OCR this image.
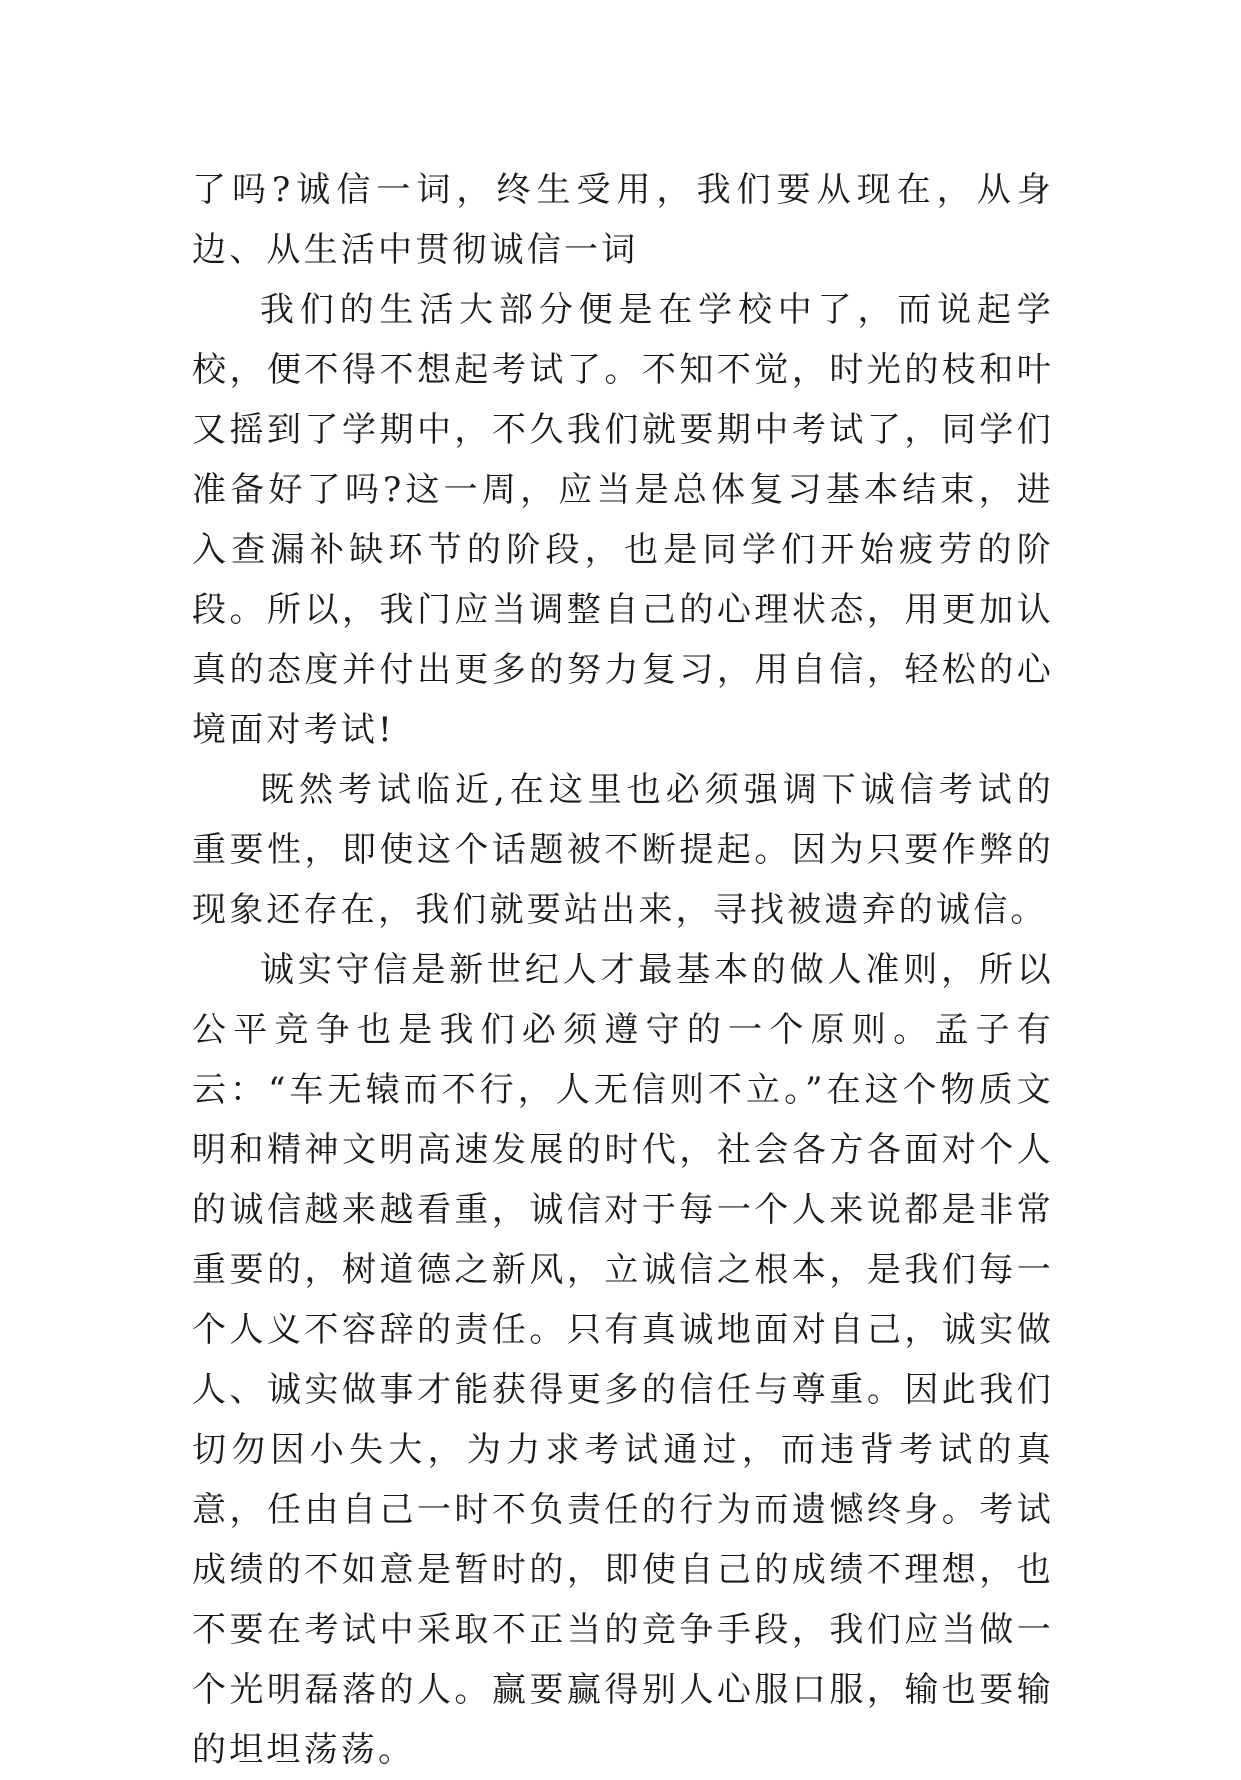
了吗?诚信一词，终生受用，我们要从现在，从身边、从生活中贯彻诚信一词

我们的生活大部分便是在学校中了，而说起学校，便不得不想起考试了。不知不觉，时光的枝和叶又摇到了学期中，不久我们就要期中考试了，同学们准备好了吗?这一周，应当是总体复习基本结束，进入查漏补缺环节的阶段，也是同学们开始疲劳的阶段。所以，我门应当调整自己的心理状态，用更加认真的态度并付出更多的努力复习，用自信，轻松的心境面对考试!

既然考试临近,在这里也必须强调下诚信考试的重要性，即使这个话题被不断提起。因为只要作弊的现象还存在，我们就要站出来，寻找被遗弃的诚信。

诚实守信是新世纪人才最基本的做人准则，所以公平竞争也是我们必须遵守的一个原则。孟子有云：“车无辕而不行，人无信则不立。”在这个物质文明和精神文明高速发展的时代，社会各方各面对个人的诚信越来越看重，诚信对于每一个人来说都是非常重要的，树道德之新风，立诚信之根本，是我们每一个人义不容辞的责任。只有真诚地面对自己，诚实做人、诚实做事才能获得更多的信任与尊重。因此我们切勿因小失大，为力求考试通过，而违背考试的真意，任由自己一时不负责任的行为而遗憾终身。考试成绩的不如意是暂时的，即使自己的成绩不理想，也不要在考试中采取不正当的竞争手段，我们应当做一个光明磊落的人。赢要赢得别人心服口服，输也要输的坦坦荡荡。
